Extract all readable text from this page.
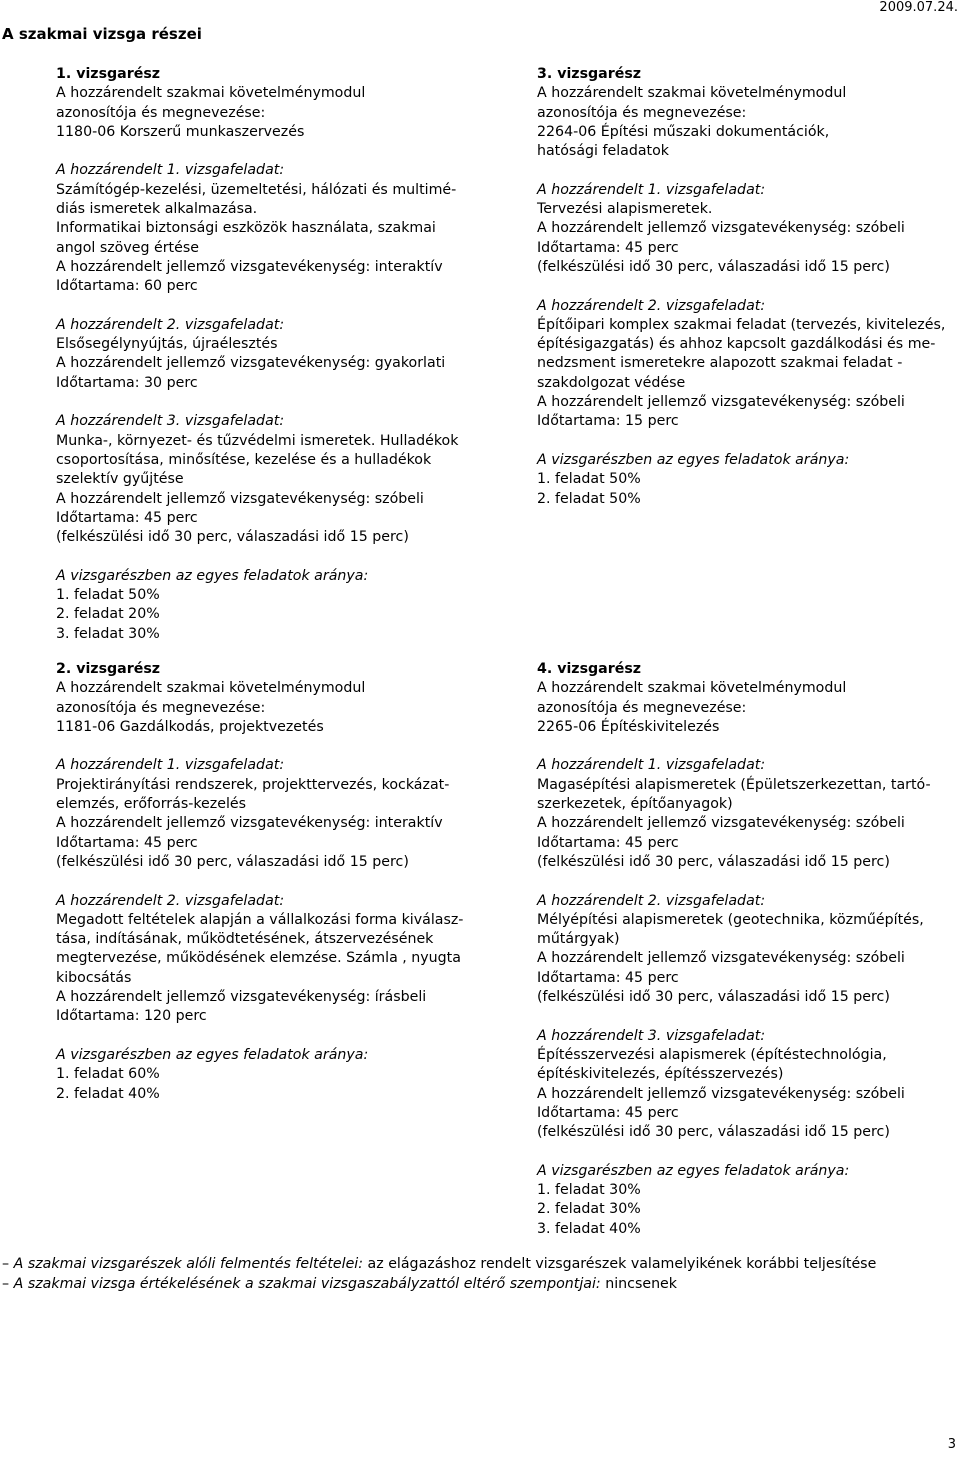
A szakmai vizsga részei
2009.07.24.
1. vizsgarész
A hozzárendelt szakmai követelménymodul
azonosítója és megnevezése:
1180-06 Korszerű munkaszervezés
A hozzárendelt 1. vizsgafeladat:
Számítógép-kezelési, üzemeltetési, hálózati és multimé-
diás ismeretek alkalmazása.
Informatikai biztonsági eszközök használata, szakmai
angol szöveg értése
A hozzárendelt jellemző vizsgatevékenység: interaktív
Időtartama: 60 perc
A hozzárendelt 2. vizsgafeladat:
Elsősegélynyújtás, újraélesztés
A hozzárendelt jellemző vizsgatevékenység: gyakorlati
Időtartama: 30 perc
A hozzárendelt 3. vizsgafeladat:
Munka-, környezet- és tűzvédelmi ismeretek. Hulladékok
csoportosítása, minősítése, kezelése és a hulladékok
szelektív gyűjtése
A hozzárendelt jellemző vizsgatevékenység: szóbeli
Időtartama: 45 perc
(felkészülési idő 30 perc, válaszadási idő 15 perc)
A vizsgarészben az egyes feladatok aránya:
1. feladat 50%
2. feladat 20%
3. feladat 30%
2. vizsgarész
A hozzárendelt szakmai követelménymodul
azonosítója és megnevezése:
1181-06 Gazdálkodás, projektvezetés
A hozzárendelt 1. vizsgafeladat:
Projektirányítási rendszerek, projekttervezés, kockázat-
elemzés, erőforrás-kezelés
A hozzárendelt jellemző vizsgatevékenység: interaktív
Időtartama: 45 perc
(felkészülési idő 30 perc, válaszadási idő 15 perc)
A hozzárendelt 2. vizsgafeladat:
Megadott feltételek alapján a vállalkozási forma kiválasz-
tása, indításának, működtetésének, átszervezésének
megtervezése, működésének elemzése. Számla , nyugta
kibocsátás
A hozzárendelt jellemző vizsgatevékenység: írásbeli
Időtartama: 120 perc
A vizsgarészben az egyes feladatok aránya:
1. feladat 60%
2. feladat 40%
3. vizsgarész
A hozzárendelt szakmai követelménymodul
azonosítója és megnevezése:
2264-06 Építési műszaki dokumentációk,
hatósági feladatok
A hozzárendelt 1. vizsgafeladat:
Tervezési alapismeretek.
A hozzárendelt jellemző vizsgatevékenység: szóbeli
Időtartama: 45 perc
(felkészülési idő 30 perc, válaszadási idő 15 perc)
A hozzárendelt 2. vizsgafeladat:
Építőipari komplex szakmai feladat (tervezés, kivitelezés,
építésigazgatás) és ahhoz kapcsolt gazdálkodási és me-
nedzsment ismeretekre alapozott szakmai feladat -
szakdolgozat védése
A hozzárendelt jellemző vizsgatevékenység: szóbeli
Időtartama: 15 perc
A vizsgarészben az egyes feladatok aránya:
1. feladat 50%
2. feladat 50%
4. vizsgarész
A hozzárendelt szakmai követelménymodul
azonosítója és megnevezése:
2265-06 Építéskivitelezés
A hozzárendelt 1. vizsgafeladat:
Magasépítési alapismeretek (Épületszerkezettan, tartó-
szerkezetek, építőanyagok)
A hozzárendelt jellemző vizsgatevékenység: szóbeli
Időtartama: 45 perc
(felkészülési idő 30 perc, válaszadási idő 15 perc)
A hozzárendelt 2. vizsgafeladat:
Mélyépítési alapismeretek (geotechnika, közműépítés,
műtárgyak)
A hozzárendelt jellemző vizsgatevékenység: szóbeli
Időtartama: 45 perc
(felkészülési idő 30 perc, válaszadási idő 15 perc)
A hozzárendelt 3. vizsgafeladat:
Építésszervezési alapismerek (építéstechnológia,
építéskivitelezés, építésszervezés)
A hozzárendelt jellemző vizsgatevékenység: szóbeli
Időtartama: 45 perc
(felkészülési idő 30 perc, válaszadási idő 15 perc)
A vizsgarészben az egyes feladatok aránya:
1. feladat 30%
2. feladat 30%
3. feladat 40%
– A szakmai vizsgarészek alóli felmentés feltételei: az elágazáshoz rendelt vizsgarészek valamelyikének korábbi teljesítése
– A szakmai vizsga értékelésének a szakmai vizsgaszabályzattól eltérő szempontjai: nincsenek
3
